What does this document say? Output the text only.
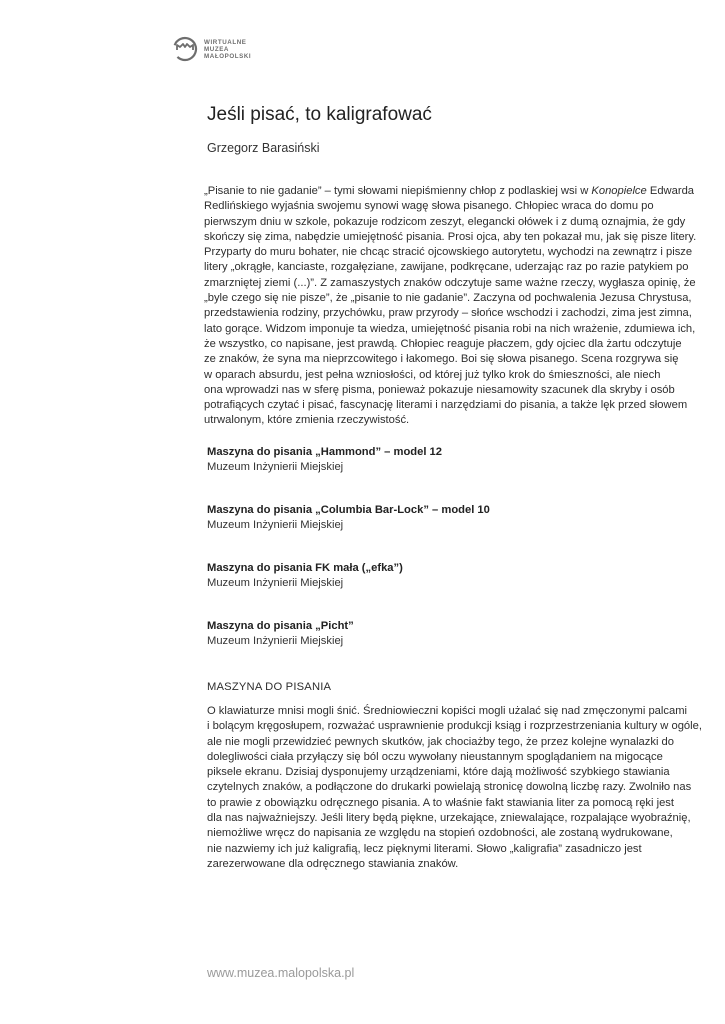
WIRTUALNE
MUZEA
MAŁOPOLSKI
Jeśli pisać, to kaligrafować

Grzegorz Barasiński

„Pisanie to nie gadanie” – tymi słowami niepiśmienny chłop z podlaskiej wsi w Konopielce Edwarda
Redlińskiego wyjaśnia swojemu synowi wagę słowa pisanego. Chłopiec wraca do domu po
pierwszym dniu w szkole, pokazuje rodzicom zeszyt, elegancki ołówek i z dumą oznajmia, że gdy
skończy się zima, nabędzie umiejętność pisania. Prosi ojca, aby ten pokazał mu, jak się pisze litery.
Przyparty do muru bohater, nie chcąc stracić ojcowskiego autorytetu, wychodzi na zewnątrz i pisze
litery „okrągłe, kanciaste, rozgałęziane, zawijane, podkręcane, uderzając raz po razie patykiem po
zmarzniętej ziemi (...)”. Z zamaszystych znaków odczytuje same ważne rzeczy, wygłasza opinię, że
„byle czego się nie pisze”, że „pisanie to nie gadanie”. Zaczyna od pochwalenia Jezusa Chrystusa,
przedstawienia rodziny, przychówku, praw przyrody – słońce wschodzi i zachodzi, zima jest zimna,
lato gorące. Widzom imponuje ta wiedza, umiejętność pisania robi na nich wrażenie, zdumiewa ich,
że wszystko, co napisane, jest prawdą. Chłopiec reaguje płaczem, gdy ojciec dla żartu odczytuje
ze znaków, że syna ma nieprzcowitego i łakomego. Boi się słowa pisanego. Scena rozgrywa się
w oparach absurdu, jest pełna wzniosłości, od której już tylko krok do śmieszności, ale niech
ona wprowadzi nas w sferę pisma, ponieważ pokazuje niesamowity szacunek dla skryby i osób
potrafiących czytać i pisać, fascynację literami i narzędziami do pisania, a także lęk przed słowem
utrwalonym, które zmienia rzeczywistość.
Maszyna do pisania „Hammond” – model 12
Muzeum Inżynierii Miejskiej
Maszyna do pisania „Columbia Bar-Lock” – model 10
Muzeum Inżynierii Miejskiej
Maszyna do pisania FK mała („efka”)
Muzeum Inżynierii Miejskiej
Maszyna do pisania „Picht”
Muzeum Inżynierii Miejskiej
MASZYNA DO PISANIA
O klawiaturze mnisi mogli śnić. Średniowieczni kopiści mogli użalać się nad zmęczonymi palcami
i bolącym kręgosłupem, rozważać usprawnienie produkcji ksiąg i rozprzestrzeniania kultury w ogóle,
ale nie mogli przewidzieć pewnych skutków, jak chociażby tego, że przez kolejne wynalazki do
dolegliwości ciała przyłączy się ból oczu wywołany nieustannym spoglądaniem na migocące
piksele ekranu. Dzisiaj dysponujemy urządzeniami, które dają możliwość szybkiego stawiania
czytelnych znaków, a podłączone do drukarki powielają stronicę dowolną liczbę razy. Zwolniło nas
to prawie z obowiązku odręcznego pisania. A to właśnie fakt stawiania liter za pomocą ręki jest
dla nas najważniejszy. Jeśli litery będą piękne, urzekające, zniewalające, rozpalające wyobraźnię,
niemożliwe wręcz do napisania ze względu na stopień ozdobności, ale zostaną wydrukowane,
nie nazwiemy ich już kaligrafią, lecz pięknymi literami. Słowo „kaligrafia” zasadniczo jest
zarezerwowane dla odręcznego stawiania znaków.
www.muzea.malopolska.pl
